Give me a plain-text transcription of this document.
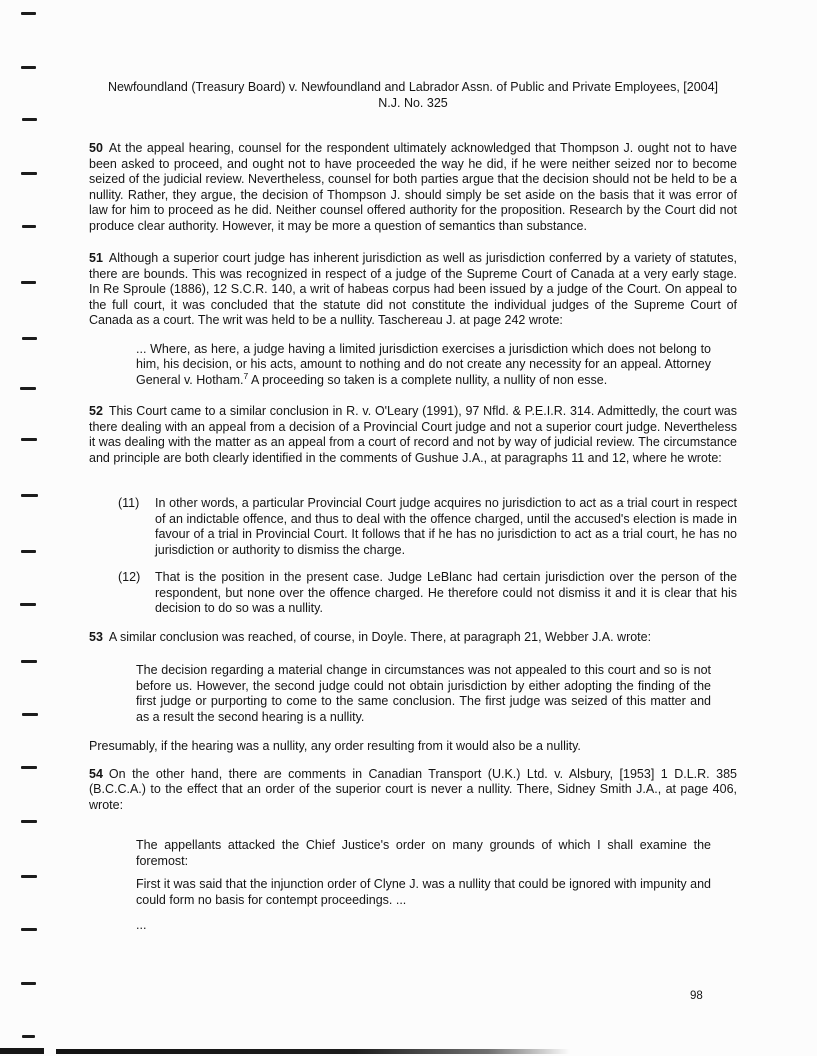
Newfoundland (Treasury Board) v. Newfoundland and Labrador Assn. of Public and Private Employees, [2004]

N.J. No. 325

50 At the appeal hearing, counsel for the respondent ultimately acknowledged that Thompson J. ought not to have been asked to proceed, and ought not to have proceeded the way he did, if he were neither seized nor to become seized of the judicial review. Nevertheless, counsel for both parties argue that the decision should not be held to be a nullity. Rather, they argue, the decision of Thompson J. should simply be set aside on the basis that it was error of law for him to proceed as he did. Neither counsel offered authority for the proposition. Research by the Court did not produce clear authority. However, it may be more a question of semantics than substance.

51 Although a superior court judge has inherent jurisdiction as well as jurisdiction conferred by a variety of statutes, there are bounds. This was recognized in respect of a judge of the Supreme Court of Canada at a very early stage. In Re Sproule (1886), 12 S.C.R. 140, a writ of habeas corpus had been issued by a judge of the Court. On appeal to the full court, it was concluded that the statute did not constitute the individual judges of the Supreme Court of Canada as a court. The writ was held to be a nullity. Taschereau J. at page 242 wrote:

... Where, as here, a judge having a limited jurisdiction exercises a jurisdiction which does not belong to him, his decision, or his acts, amount to nothing and do not create any necessity for an appeal. Attorney General v. Hotham.$^7$ A proceeding so taken is a complete nullity, a nullity of non esse.

52 This Court came to a similar conclusion in R. v. O'Leary (1991), 97 Nfld. & P.E.I.R. 314. Admittedly, the court was there dealing with an appeal from a decision of a Provincial Court judge and not a superior court judge. Nevertheless it was dealing with the matter as an appeal from a court of record and not by way of judicial review. The circumstance and principle are both clearly identified in the comments of Gushue J.A., at paragraphs 11 and 12, where he wrote:

(11) In other words, a particular Provincial Court judge acquires no jurisdiction to act as a trial court in respect of an indictable offence, and thus to deal with the offence charged, until the accused's election is made in favour of a trial in Provincial Court. It follows that if he has no jurisdiction to act as a trial court, he has no jurisdiction or authority to dismiss the charge.
(12) That is the position in the present case. Judge LeBlanc had certain jurisdiction over the person of the respondent, but none over the offence charged. He therefore could not dismiss it and it is clear that his decision to do so was a nullity.

53 A similar conclusion was reached, of course, in Doyle. There, at paragraph 21, Webber J.A. wrote:

The decision regarding a material change in circumstances was not appealed to this court and so is not before us. However, the second judge could not obtain jurisdiction by either adopting the finding of the first judge or purporting to come to the same conclusion. The first judge was seized of this matter and as a result the second hearing is a nullity.

Presumably, if the hearing was a nullity, any order resulting from it would also be a nullity.

54 On the other hand, there are comments in Canadian Transport (U.K.) Ltd. v. Alsbury, [1953] 1 D.L.R. 385 (B.C.C.A.) to the effect that an order of the superior court is never a nullity. There, Sidney Smith J.A., at page 406, wrote:

The appellants attacked the Chief Justice's order on many grounds of which I shall examine the foremost:
First it was said that the injunction order of Clyne J. was a nullity that could be ignored with impunity and could form no basis for contempt proceedings. ...
...
98
